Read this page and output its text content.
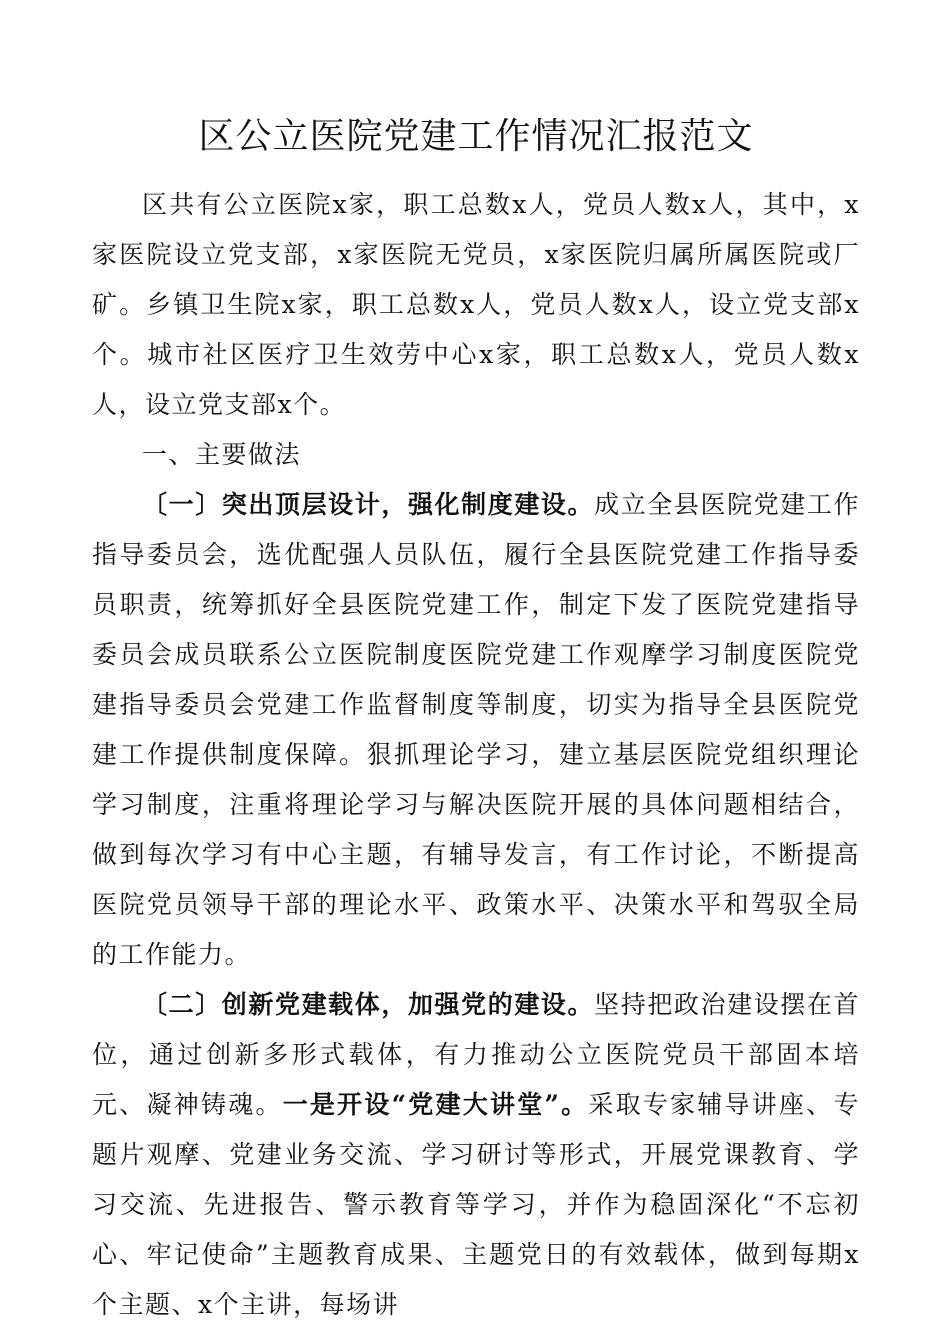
区公立医院党建工作情况汇报范文

区共有公立医院x家，职工总数x人，党员人数x人，其中，x家医院设立党支部，x家医院无党员，x家医院归属所属医院或厂矿。乡镇卫生院x家，职工总数x人，党员人数x人，设立党支部x个。城市社区医疗卫生效劳中心x家，职工总数x人，党员人数x人，设立党支部x个。

一、主要做法

〔一〕突出顶层设计，强化制度建设。成立全县医院党建工作指导委员会，选优配强人员队伍，履行全县医院党建工作指导委员职责，统筹抓好全县医院党建工作，制定下发了医院党建指导委员会成员联系公立医院制度医院党建工作观摩学习制度医院党建指导委员会党建工作监督制度等制度，切实为指导全县医院党建工作提供制度保障。狠抓理论学习，建立基层医院党组织理论学习制度，注重将理论学习与解决医院开展的具体问题相结合，做到每次学习有中心主题，有辅导发言，有工作讨论，不断提高医院党员领导干部的理论水平、政策水平、决策水平和驾驭全局的工作能力。

〔二〕创新党建载体，加强党的建设。坚持把政治建设摆在首位，通过创新多形式载体，有力推动公立医院党员干部固本培元、凝神铸魂。一是开设“党建大讲堂”。采取专家辅导讲座、专题片观摩、党建业务交流、学习研讨等形式，开展党课教育、学习交流、先进报告、警示教育等学习，并作为稳固深化“不忘初心、牢记使命”主题教育成果、主题党日的有效载体，做到每期x个主题、x个主讲，每场讲
